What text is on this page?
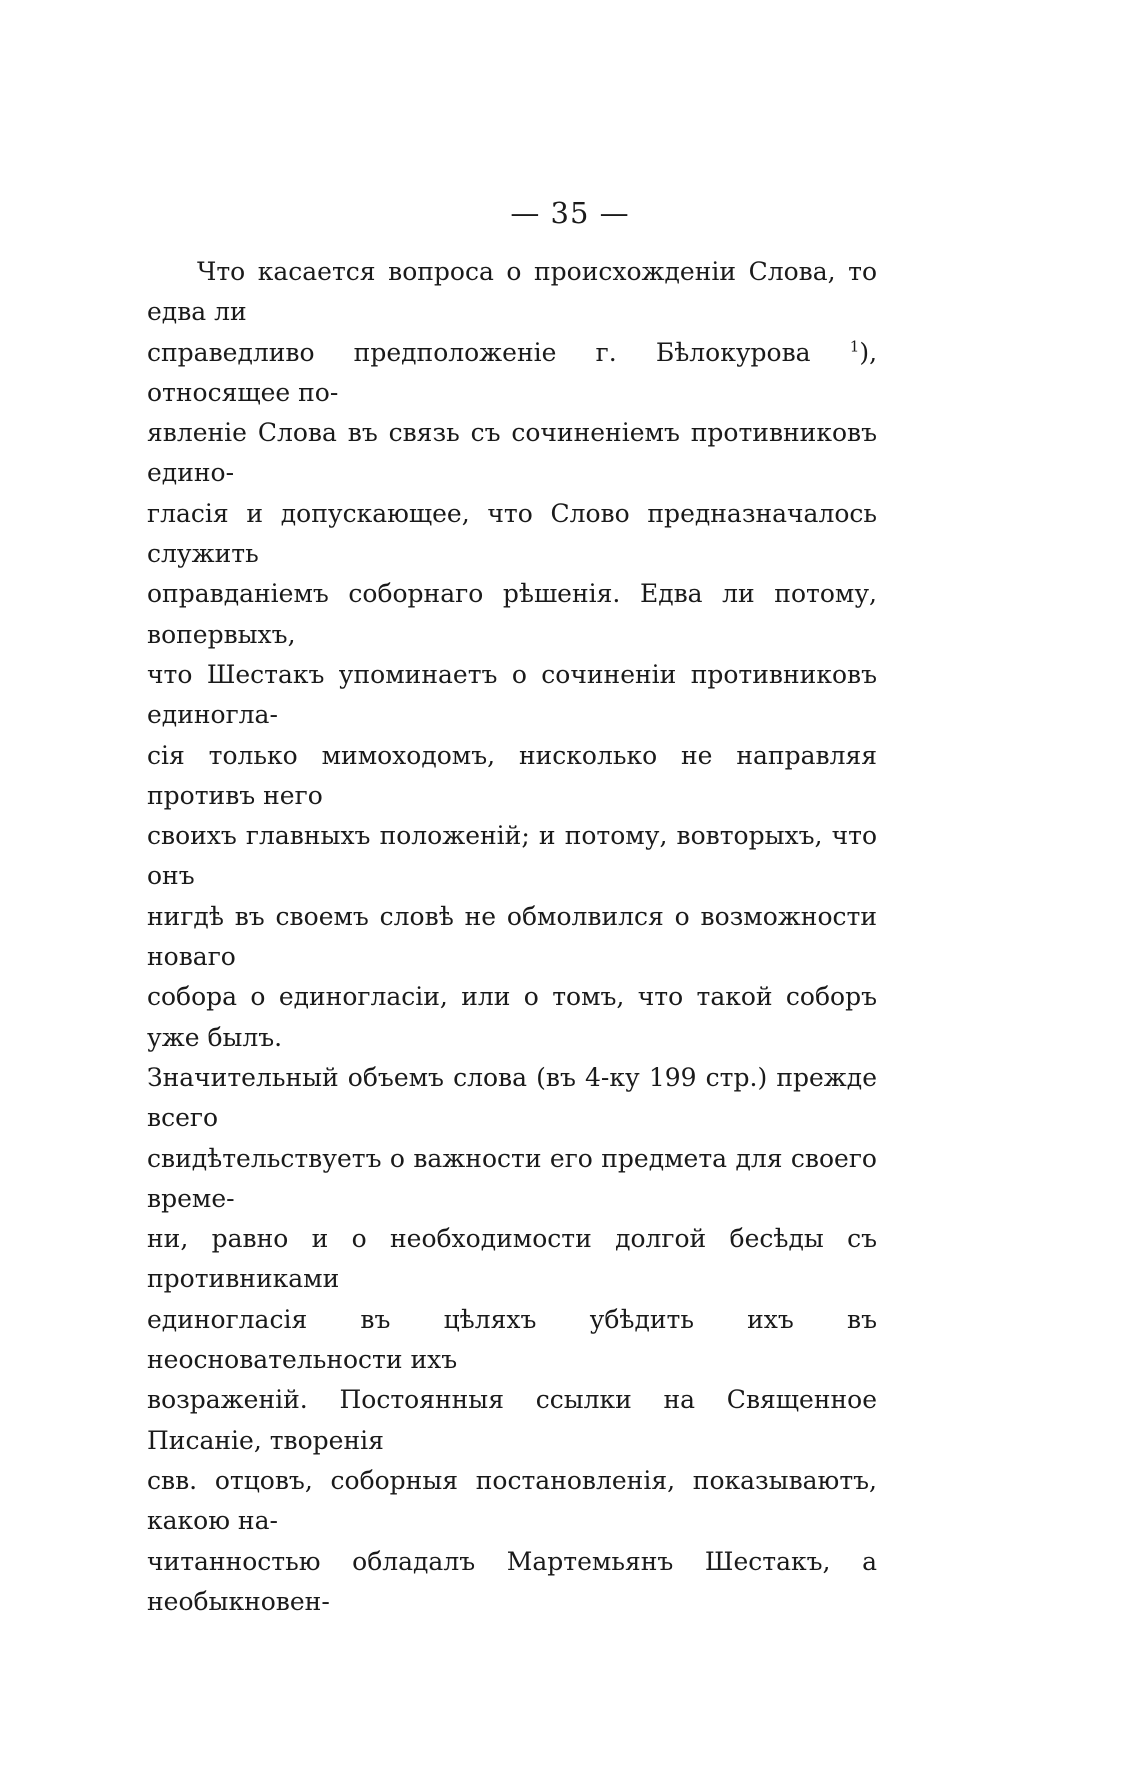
— 35 —
Что касается вопроса о происхожденіи Слова, то едва ли
справедливо предположеніе г. Бѣлокурова	$^1$), относящее по-
явленіе Слова въ связь съ сочиненіемъ противниковъ едино-
гласія и допускающее, что Слово предназначалось служить
оправданіемъ соборнаго рѣшенія. Едва ли потому, вопервыхъ,
что Шестакъ упоминаетъ о сочиненіи противниковъ единогла-
сія только мимоходомъ, нисколько не направляя противъ него
своихъ главныхъ положеній; и потому, вовторыхъ, что онъ
нигдѣ въ своемъ словѣ не обмолвился о возможности новаго
собора о единогласіи, или о томъ, что такой соборъ уже былъ.
Значительный объемъ слова (въ 4-ку 199 стр.) прежде всего
свидѣтельствуетъ о важности его предмета для своего време-
ни, равно и о необходимости долгой бесѣды съ противниками
единогласія въ цѣляхъ убѣдить ихъ въ неосновательности ихъ
возраженій. Постоянныя ссылки на Священное Писаніе, творенія
свв. отцовъ, соборныя постановленія, показываютъ, какою на-
читанностью обладалъ Мартемьянъ Шестакъ, а необыкновен-
